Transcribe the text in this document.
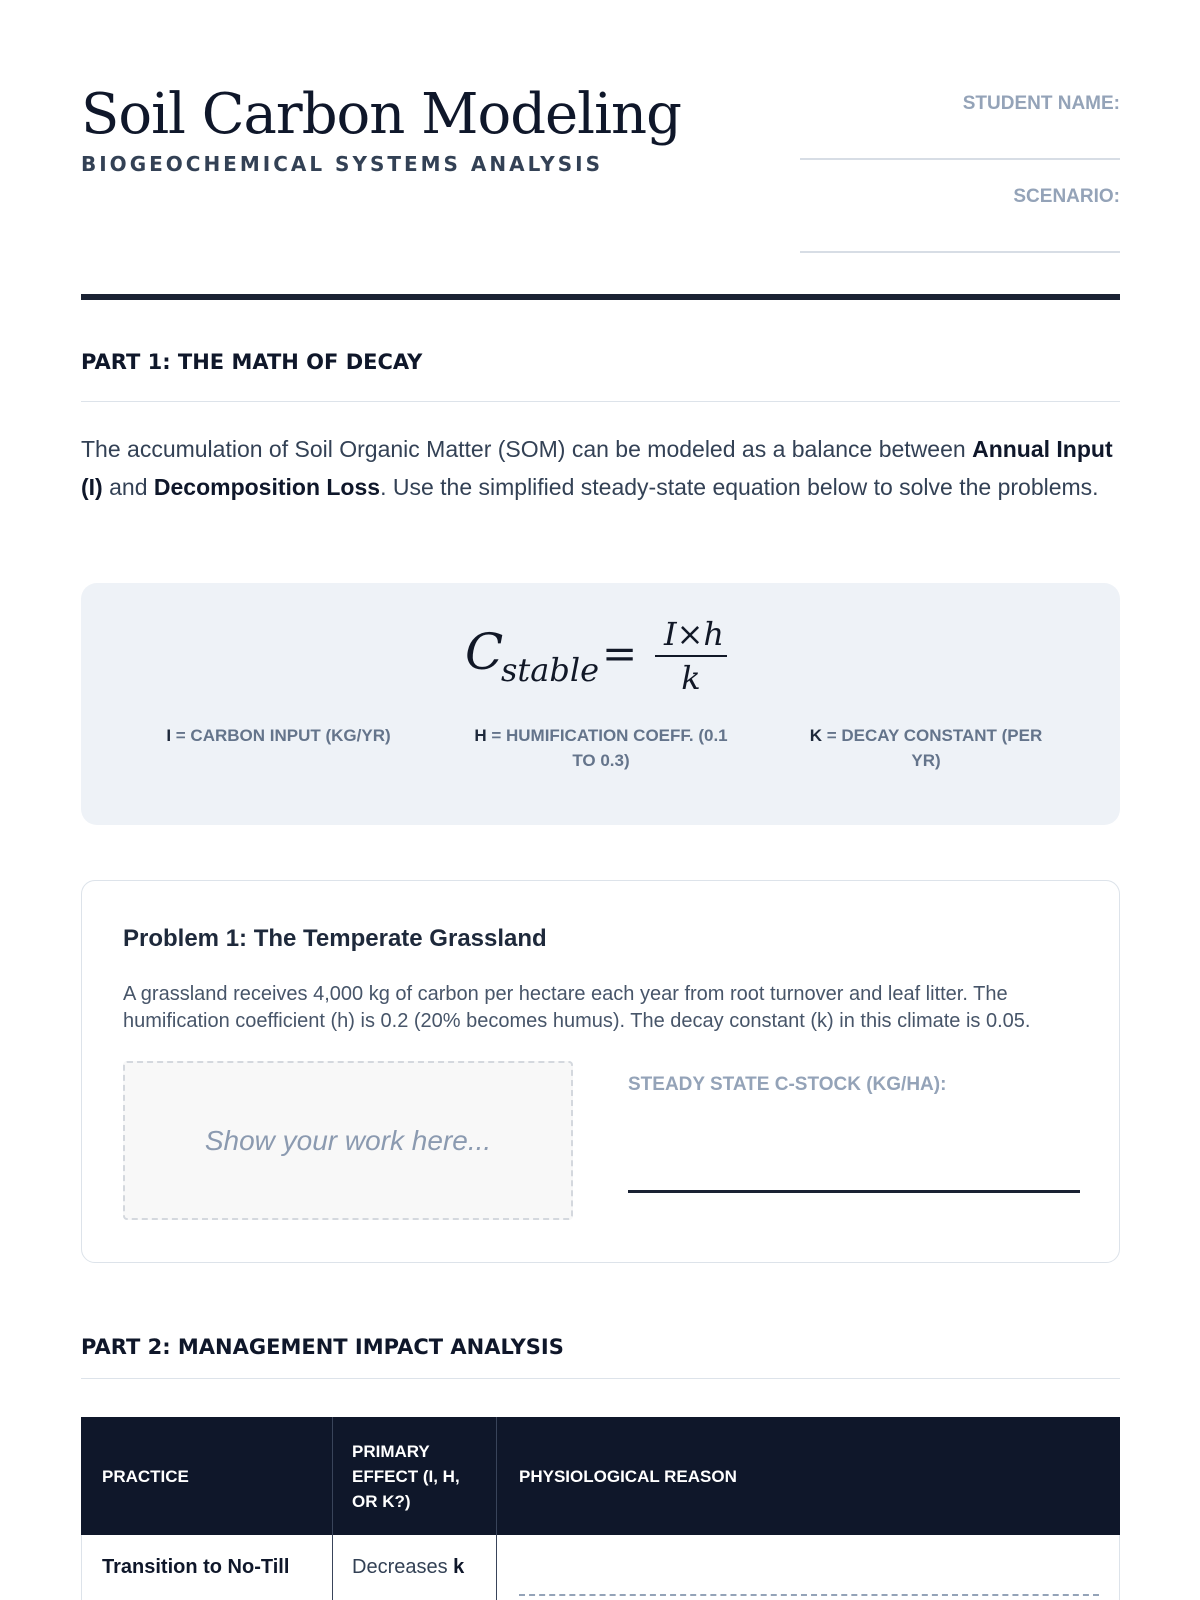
Soil Carbon Modeling
BIOGEOCHEMICAL SYSTEMS ANALYSIS
STUDENT NAME:
SCENARIO:
PART 1: THE MATH OF DECAY

The accumulation of Soil Organic Matter (SOM) can be modeled as a balance between Annual Input (I) and Decomposition Loss. Use the simplified steady-state equation below to solve the problems.

C
stable = I×h
k
I = CARBON INPUT (KG/YR)	H = HUMIFICATION COEFF. (0.1 TO 0.3)
K = DECAY CONSTANT (PER YR)
Problem 1: The Temperate Grassland

A grassland receives 4,000 kg of carbon per hectare each year from root turnover and leaf litter. The humification coefficient (h) is 0.2 (20% becomes humus). The decay constant (k) in this climate is 0.05.

Show your work here...
STEADY STATE C-STOCK (KG/HA):
PART 2: MANAGEMENT IMPACT ANALYSIS
PRACTICE
PRIMARY EFFECT (I, H, OR K?)
PHYSIOLOGICAL REASON
Transition to No-Till	Decreases k
